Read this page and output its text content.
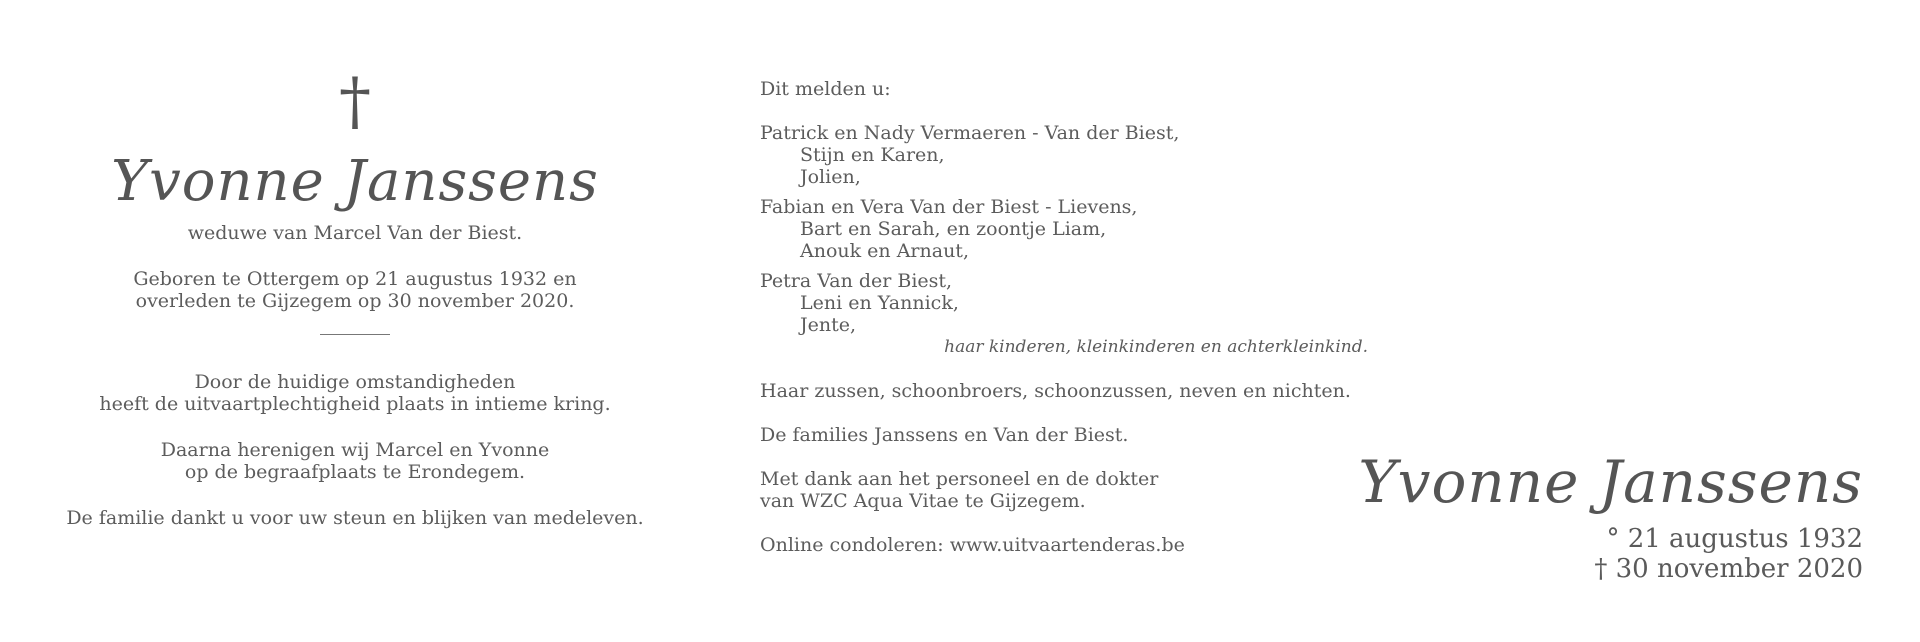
†
Yvonne Janssens

weduwe van Marcel Van der Biest.

Geboren te Ottergem op 21 augustus 1932 en

overleden te Gijzegem op 30 november 2020.

Door de huidige omstandigheden

heeft de uitvaartplechtigheid plaats in intieme kring.

Daarna herenigen wij Marcel en Yvonne

op de begraafplaats te Erondegem.

De familie dankt u voor uw steun en blijken van medeleven.

Dit melden u:

Patrick en Nady Vermaeren - Van der Biest,

Stijn en Karen,

Jolien,

Fabian en Vera Van der Biest - Lievens,

Bart en Sarah, en zoontje Liam,

Anouk en Arnaut,

Petra Van der Biest,

Leni en Yannick,

Jente,

haar kinderen, kleinkinderen en achterkleinkind.

Haar zussen, schoonbroers, schoonzussen, neven en nichten.

De families Janssens en Van der Biest.

Met dank aan het personeel en de dokter

van WZC Aqua Vitae te Gijzegem.

Online condoleren: www.uitvaartenderas.be

Yvonne Janssens
° 21 augustus 1932
† 30 november 2020
